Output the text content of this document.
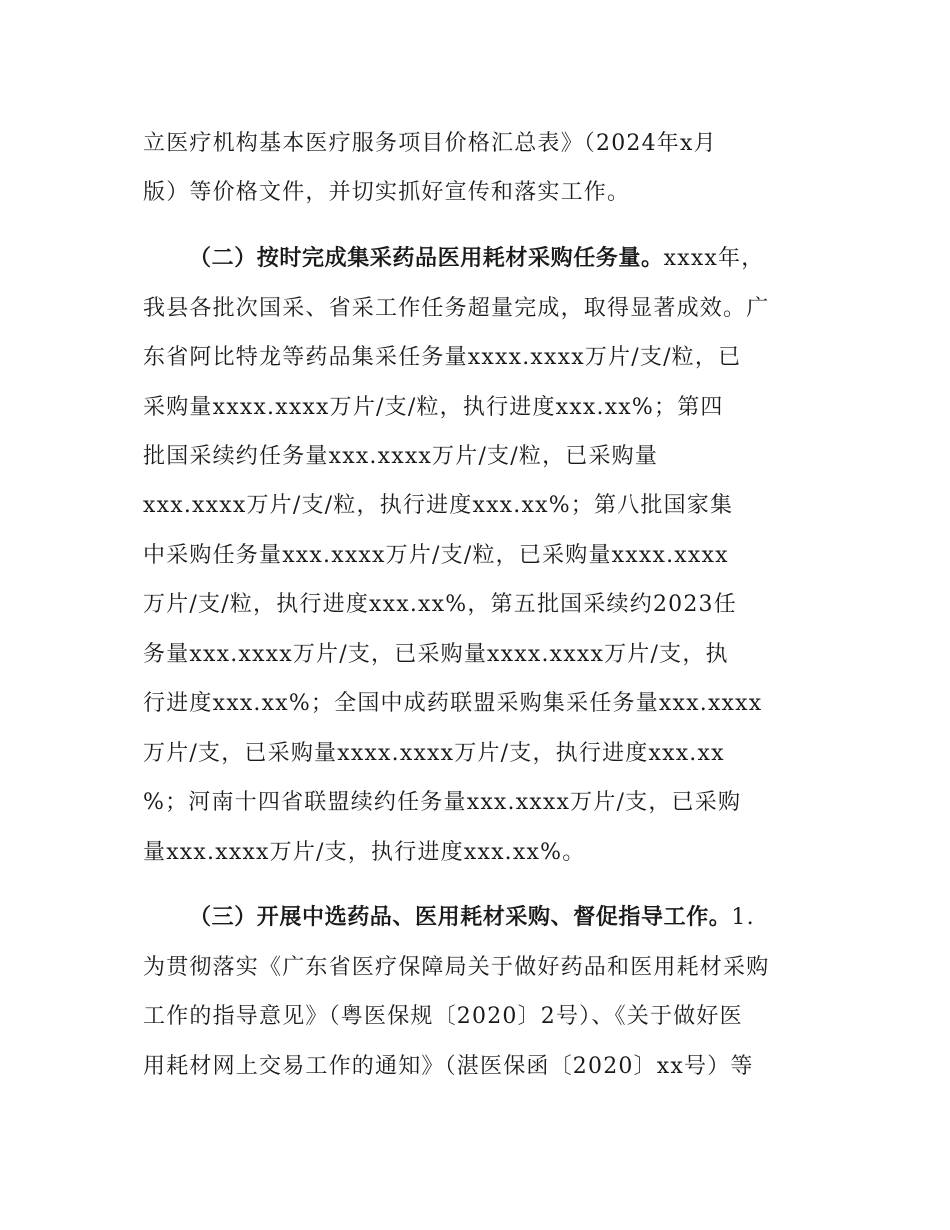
立医疗机构基本医疗服务项目价格汇总表》（2024年x月
版）等价格文件，并切实抓好宣传和落实工作。
（二）按时完成集采药品医用耗材采购任务量。xxxx年，
我县各批次国采、省采工作任务超量完成，取得显著成效。广
东省阿比特龙等药品集采任务量xxxx.xxxx万片/支/粒，已
采购量xxxx.xxxx万片/支/粒，执行进度xxx.xx%；第四
批国采续约任务量xxx.xxxx万片/支/粒，已采购量
xxx.xxxx万片/支/粒，执行进度xxx.xx%；第八批国家集
中采购任务量xxx.xxxx万片/支/粒，已采购量xxxx.xxxx
万片/支/粒，执行进度xxx.xx%，第五批国采续约2023任
务量xxx.xxxx万片/支，已采购量xxxx.xxxx万片/支，执
行进度xxx.xx%；全国中成药联盟采购集采任务量xxx.xxxx
万片/支，已采购量xxxx.xxxx万片/支，执行进度xxx.xx
%；河南十四省联盟续约任务量xxx.xxxx万片/支，已采购
量xxx.xxxx万片/支，执行进度xxx.xx%。
（三）开展中选药品、医用耗材采购、督促指导工作。1.
为贯彻落实《广东省医疗保障局关于做好药品和医用耗材采购
工作的指导意见》（粤医保规〔2020〕2号）、《关于做好医
用耗材网上交易工作的通知》（湛医保函〔2020〕xx号）等
